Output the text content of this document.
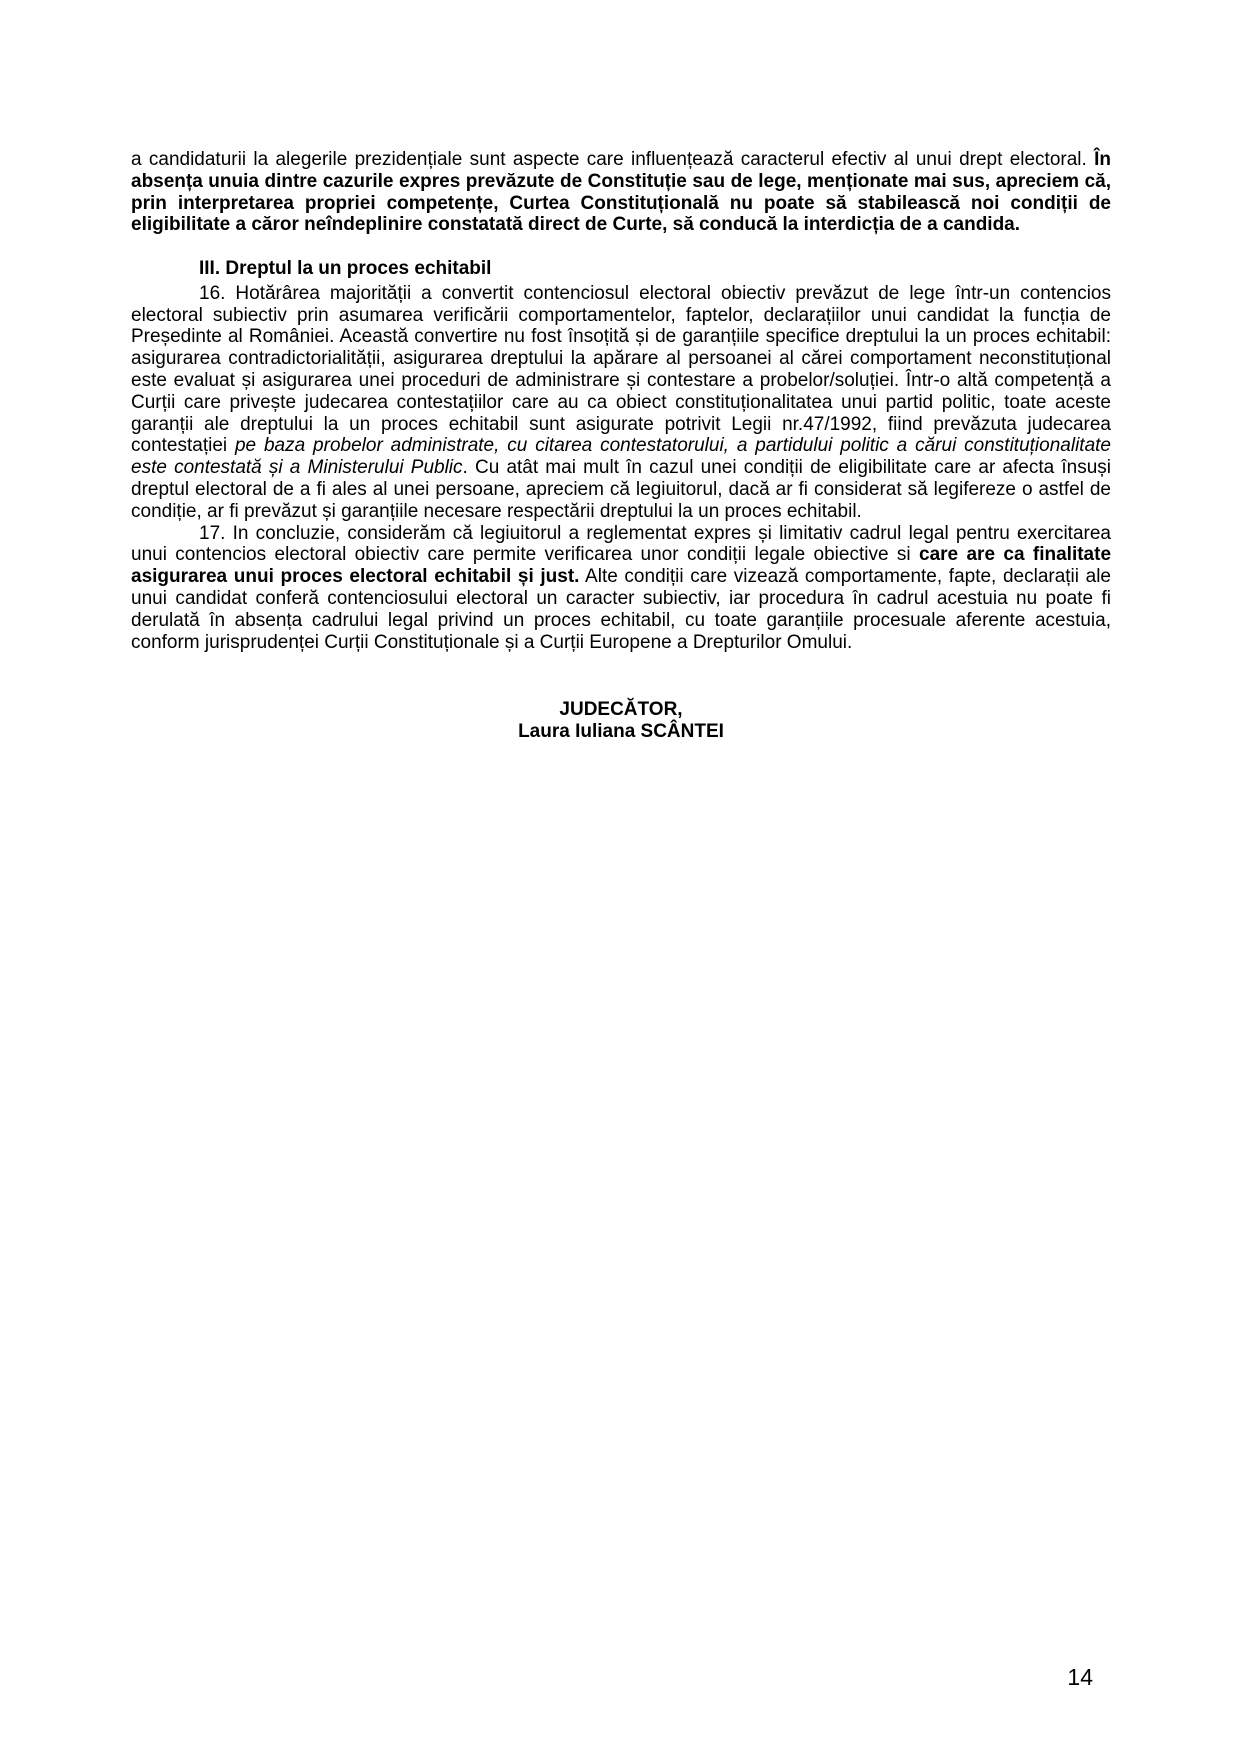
a candidaturii la alegerile prezidențiale sunt aspecte care influențează caracterul efectiv al unui drept electoral. În absența unuia dintre cazurile expres prevăzute de Constituție sau de lege, menționate mai sus, apreciem că, prin interpretarea propriei competențe, Curtea Constituțională nu poate să stabilească noi condiții de eligibilitate a căror neîndeplinire constatată direct de Curte, să conducă la interdicția de a candida.

III. Dreptul la un proces echitabil

16. Hotărârea majorității a convertit contenciosul electoral obiectiv prevăzut de lege într-un contencios electoral subiectiv prin asumarea verificării comportamentelor, faptelor, declarațiilor unui candidat la funcția de Președinte al României. Această convertire nu fost însoțită și de garanțiile specifice dreptului la un proces echitabil: asigurarea contradictorialității, asigurarea dreptului la apărare al persoanei al cărei comportament neconstituțional este evaluat și asigurarea unei proceduri de administrare și contestare a probelor/soluției. Într-o altă competență a Curții care privește judecarea contestațiilor care au ca obiect constituționalitatea unui partid politic, toate aceste garanții ale dreptului la un proces echitabil sunt asigurate potrivit Legii nr.47/1992, fiind prevăzuta judecarea contestației pe baza probelor administrate, cu citarea contestatorului, a partidului politic a cărui constituționalitate este contestată și a Ministerului Public. Cu atât mai mult în cazul unei condiții de eligibilitate care ar afecta însuși dreptul electoral de a fi ales al unei persoane, apreciem că legiuitorul, dacă ar fi considerat să legifereze o astfel de condiție, ar fi prevăzut și garanțiile necesare respectării dreptului la un proces echitabil.

17. In concluzie, considerăm că legiuitorul a reglementat expres și limitativ cadrul legal pentru exercitarea unui contencios electoral obiectiv care permite verificarea unor condiții legale obiective si care are ca finalitate asigurarea unui proces electoral echitabil și just. Alte condiții care vizează comportamente, fapte, declarații ale unui candidat conferă contenciosului electoral un caracter subiectiv, iar procedura în cadrul acestuia nu poate fi derulată în absența cadrului legal privind un proces echitabil, cu toate garanțiile procesuale aferente acestuia, conform jurisprudenței Curții Constituționale și a Curții Europene a Drepturilor Omului.

JUDECĂTOR,

Laura Iuliana SCÂNTEI

14
